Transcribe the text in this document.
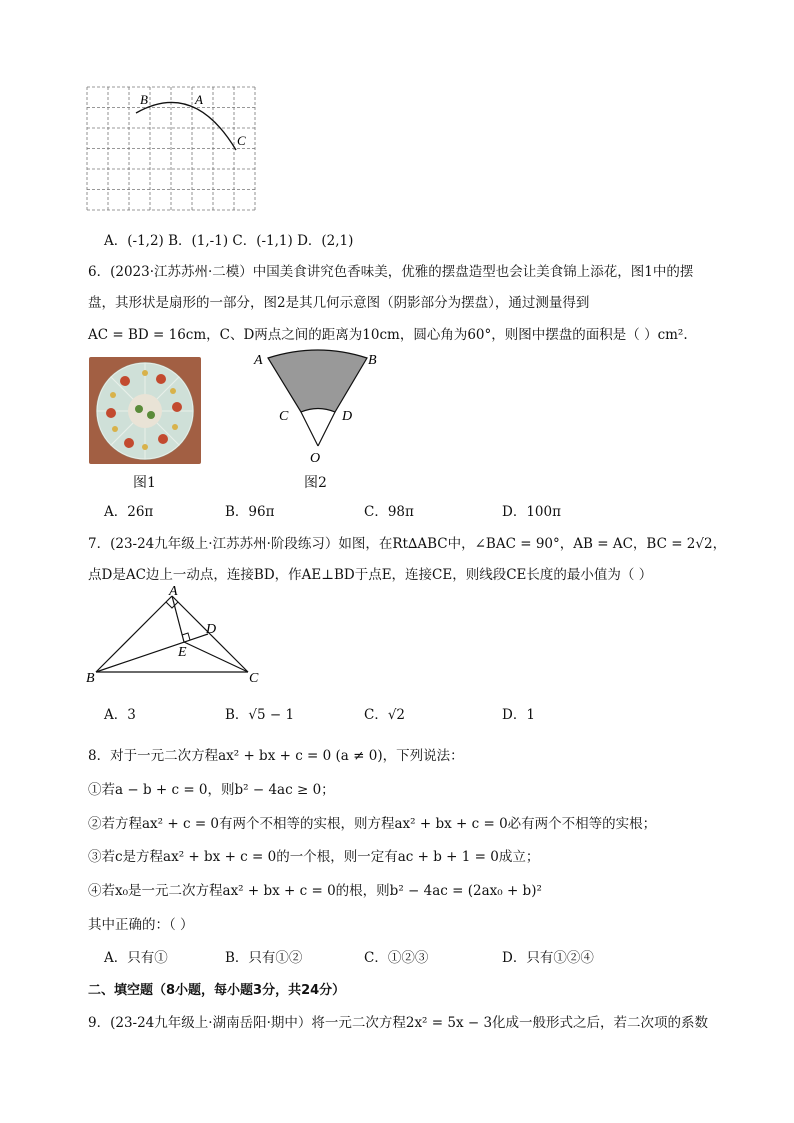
B	A
C
A．(-1,2) B．(1,-1) C．(-1,1) D．(2,1)
6．(2023·江苏苏州·二模）中国美食讲究色香味美，优雅的摆盘造型也会让美食锦上添花，图1中的摆
盘，其形状是扇形的一部分，图2是其几何示意图（阴影部分为摆盘），通过测量得到
AC = BD = 16cm，C、D两点之间的距离为10cm，圆心角为60°，则图中摆盘的面积是（ ）cm².
图1
A	B
C	D
O
图2
A．26π	B．96π	C．98π	D．100π
7．(23-24九年级上·江苏苏州·阶段练习）如图，在Rt∆ABC中，∠BAC = 90°，AB = AC，BC = 2√2，
点D是AC边上一动点，连接BD，作AE⊥BD于点E，连接CE，则线段CE长度的最小值为（ ）
A
D
E
B	C
A．3	B．√5 − 1	C．√2	D．1
8．对于一元二次方程ax² + bx + c = 0 (a ≠ 0)，下列说法：
①若a − b + c = 0，则b² − 4ac ≥ 0；
②若方程ax² + c = 0有两个不相等的实根，则方程ax² + bx + c = 0必有两个不相等的实根；
③若c是方程ax² + bx + c = 0的一个根，则一定有ac + b + 1 = 0成立；
④若x₀是一元二次方程ax² + bx + c = 0的根，则b² − 4ac = (2ax₀ + b)²
其中正确的：（ ）
A．只有①	B．只有①②	C．①②③	D．只有①②④
二、填空题（8小题，每小题3分，共24分）
9．(23-24九年级上·湖南岳阳·期中）将一元二次方程2x² = 5x − 3化成一般形式之后，若二次项的系数
